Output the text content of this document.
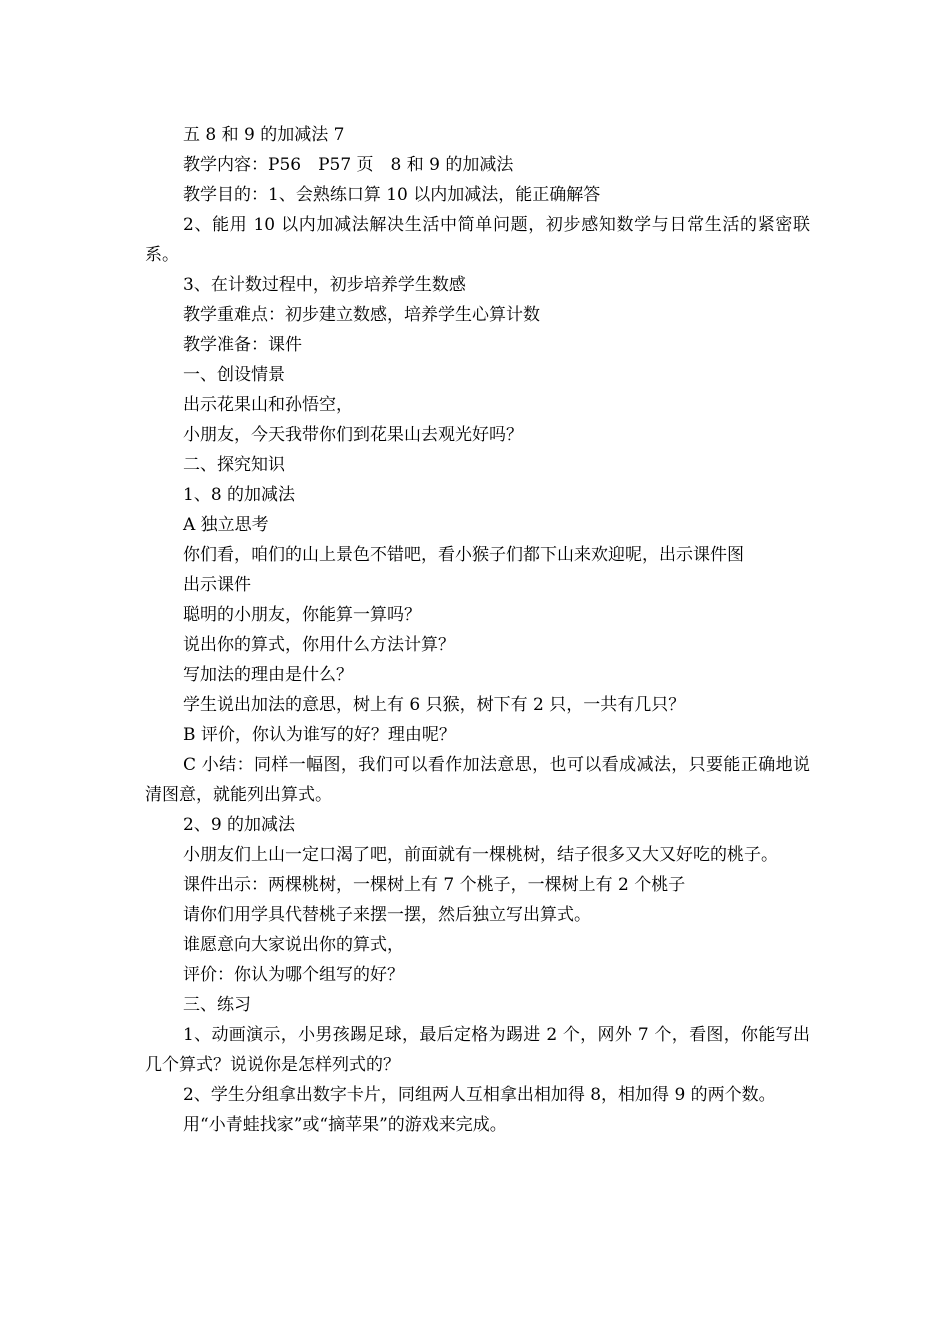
五 8 和 9 的加减法 7

教学内容：P56　P57 页　8 和 9 的加减法

教学目的：1、会熟练口算 10 以内加减法，能正确解答

2、能用 10 以内加减法解决生活中简单问题，初步感知数学与日常生活的紧密联系。

3、在计数过程中，初步培养学生数感

教学重难点：初步建立数感，培养学生心算计数

教学准备：课件

一、创设情景

出示花果山和孙悟空，

小朋友，今天我带你们到花果山去观光好吗？

二、探究知识

1、8 的加减法

A 独立思考

你们看，咱们的山上景色不错吧，看小猴子们都下山来欢迎呢，出示课件图

出示课件

聪明的小朋友，你能算一算吗？

说出你的算式，你用什么方法计算？

写加法的理由是什么？

学生说出加法的意思，树上有 6 只猴，树下有 2 只，一共有几只？

B 评价，你认为谁写的好？理由呢？

C 小结：同样一幅图，我们可以看作加法意思，也可以看成减法，只要能正确地说清图意，就能列出算式。

2、9 的加减法

小朋友们上山一定口渴了吧，前面就有一棵桃树，结子很多又大又好吃的桃子。

课件出示：两棵桃树，一棵树上有 7 个桃子，一棵树上有 2 个桃子

请你们用学具代替桃子来摆一摆，然后独立写出算式。

谁愿意向大家说出你的算式，

评价：你认为哪个组写的好？

三、练习

1、动画演示，小男孩踢足球，最后定格为踢进 2 个，网外 7 个，看图，你能写出几个算式？说说你是怎样列式的？

2、学生分组拿出数字卡片，同组两人互相拿出相加得 8，相加得 9 的两个数。

用“小青蛙找家”或“摘苹果”的游戏来完成。
